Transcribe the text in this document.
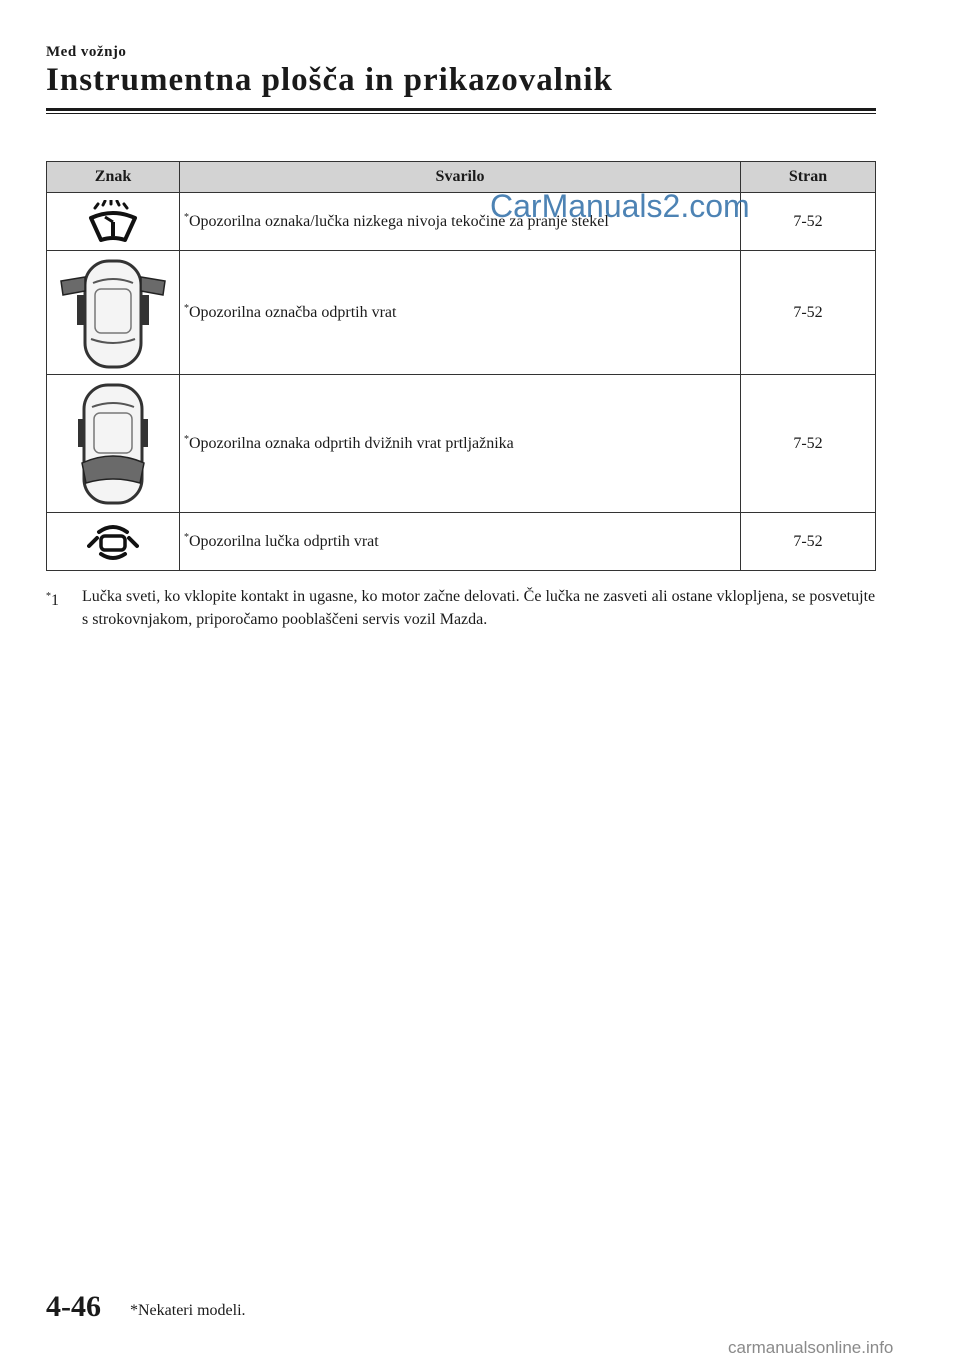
Med vožnjo
Instrumentna plošča in prikazovalnik
Znak	Svarilo	Stran

	*Opozorilna oznaka/lučka nizkega nivoja tekočine za pranje stekel	7-52

	*Opozorilna označba odprtih vrat	7-52

	*Opozorilna oznaka odprtih dvižnih vrat prtljažnika	7-52

	*Opozorilna lučka odprtih vrat	7-52
*1 Lučka sveti, ko vklopite kontakt in ugasne, ko motor začne delovati. Če lučka ne zasveti ali ostane vklopljena, se posvetujte s strokovnjakom, priporočamo pooblaščeni servis vozil Mazda.
CarManuals2.com
4-46 *Nekateri modeli.
carmanualsonline.info
